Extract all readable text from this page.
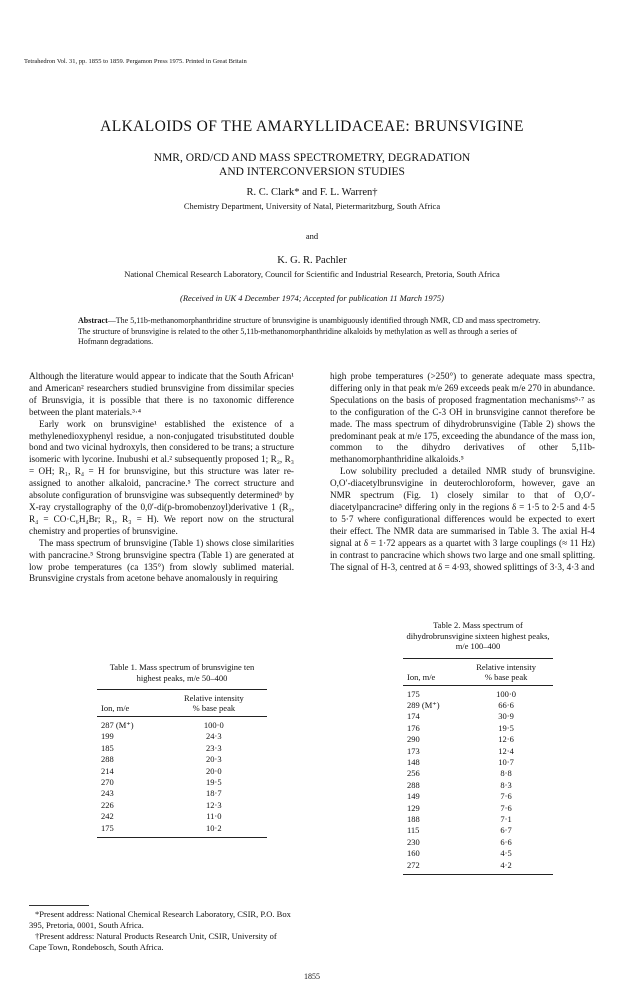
Tetrahedron Vol. 31, pp. 1855 to 1859. Pergamon Press 1975. Printed in Great Britain
ALKALOIDS OF THE AMARYLLIDACEAE: BRUNSVIGINE
NMR, ORD/CD AND MASS SPECTROMETRY, DEGRADATION
AND INTERCONVERSION STUDIES
R. C. Clark* and F. L. Warren†
Chemistry Department, University of Natal, Pietermaritzburg, South Africa
and
K. G. R. Pachler
National Chemical Research Laboratory, Council for Scientific and Industrial Research, Pretoria, South Africa
(Received in UK 4 December 1974; Accepted for publication 11 March 1975)
Abstract—The 5,11b-methanomorphanthridine structure of brunsvigine is unambiguously identified through NMR, CD and mass spectrometry. The structure of brunsvigine is related to the other 5,11b-methanomorphanthridine alkaloids by methylation as well as through a series of Hofmann degradations.

Although the literature would appear to indicate that the South African¹ and American² researchers studied brunsvigine from dissimilar species of Brunsvigia, it is possible that there is no taxonomic difference between the plant materials.³·⁴

Early work on brunsvigine¹ established the existence of a methylenedioxyphenyl residue, a non-conjugated trisubstituted double bond and two vicinal hydroxyls, then considered to be trans; a structure isomeric with lycorine. Inubushi et al.² subsequently proposed 1; R₂, R₃ = OH; R₁, R₄ = H for brunsvigine, but this structure was later re-assigned to another alkaloid, pancracine.⁵ The correct structure and absolute configuration of brunsvigine was subsequently determined⁶ by X-ray crystallography of the 0,0′-di(p-bromobenzoyl)derivative 1 (R₂, R₄ = CO·C₆H₄Br; R₁, R₃ = H). We report now on the structural chemistry and properties of brunsvigine.

The mass spectrum of brunsvigine (Table 1) shows close similarities with pancracine.⁵ Strong brunsvigine spectra (Table 1) are generated at low probe temperatures (ca 135°) from slowly sublimed material. Brunsvigine crystals from acetone behave anomalously in requiring

high probe temperatures (>250°) to generate adequate mass spectra, differing only in that peak m/e 269 exceeds peak m/e 270 in abundance. Speculations on the basis of proposed fragmentation mechanisms⁵·⁷ as to the configuration of the C-3 OH in brunsvigine cannot therefore be made. The mass spectrum of dihydrobrunsvigine (Table 2) shows the predominant peak at m/e 175, exceeding the abundance of the mass ion, common to the dihydro derivatives of other 5,11b-methanomorphanthridine alkaloids.⁵

Low solubility precluded a detailed NMR study of brunsvigine. O,O′-diacetylbrunsvigine in deuterochloroform, however, gave an NMR spectrum (Fig. 1) closely similar to that of O,O′-diacetylpancracine⁵ differing only in the regions δ = 1·5 to 2·5 and 4·5 to 5·7 where configurational differences would be expected to exert their effect. The NMR data are summarised in Table 3. The axial H-4 signal at δ = 1·72 appears as a quartet with 3 large couplings (≈ 11 Hz) in contrast to pancracine which shows two large and one small splitting. The signal of H-3, centred at δ = 4·93, showed splittings of 3·3, 4·3 and

Table 1. Mass spectrum of brunsvigine ten highest peaks, m/e 50–400
	Relative intensity
Ion, m/e	% base peak
287 (M⁺)	100·0
199	24·3
185	23·3
288	20·3
214	20·0
270	19·5
243	18·7
226	12·3
242	11·0
175	10·2
Table 2. Mass spectrum of dihydrobrunsvigine sixteen highest peaks, m/e 100–400
	Relative intensity
Ion, m/e	% base peak
175	100·0
289 (M⁺)	66·6
174	30·9
176	19·5
290	12·6
173	12·4
148	10·7
256	8·8
288	8·3
149	7·6
129	7·6
188	7·1
115	6·7
230	6·6
160	4·5
272	4·2

*Present address: National Chemical Research Laboratory, CSIR, P.O. Box 395, Pretoria, 0001, South Africa.

†Present address: Natural Products Research Unit, CSIR, University of Cape Town, Rondebosch, South Africa.

1855
